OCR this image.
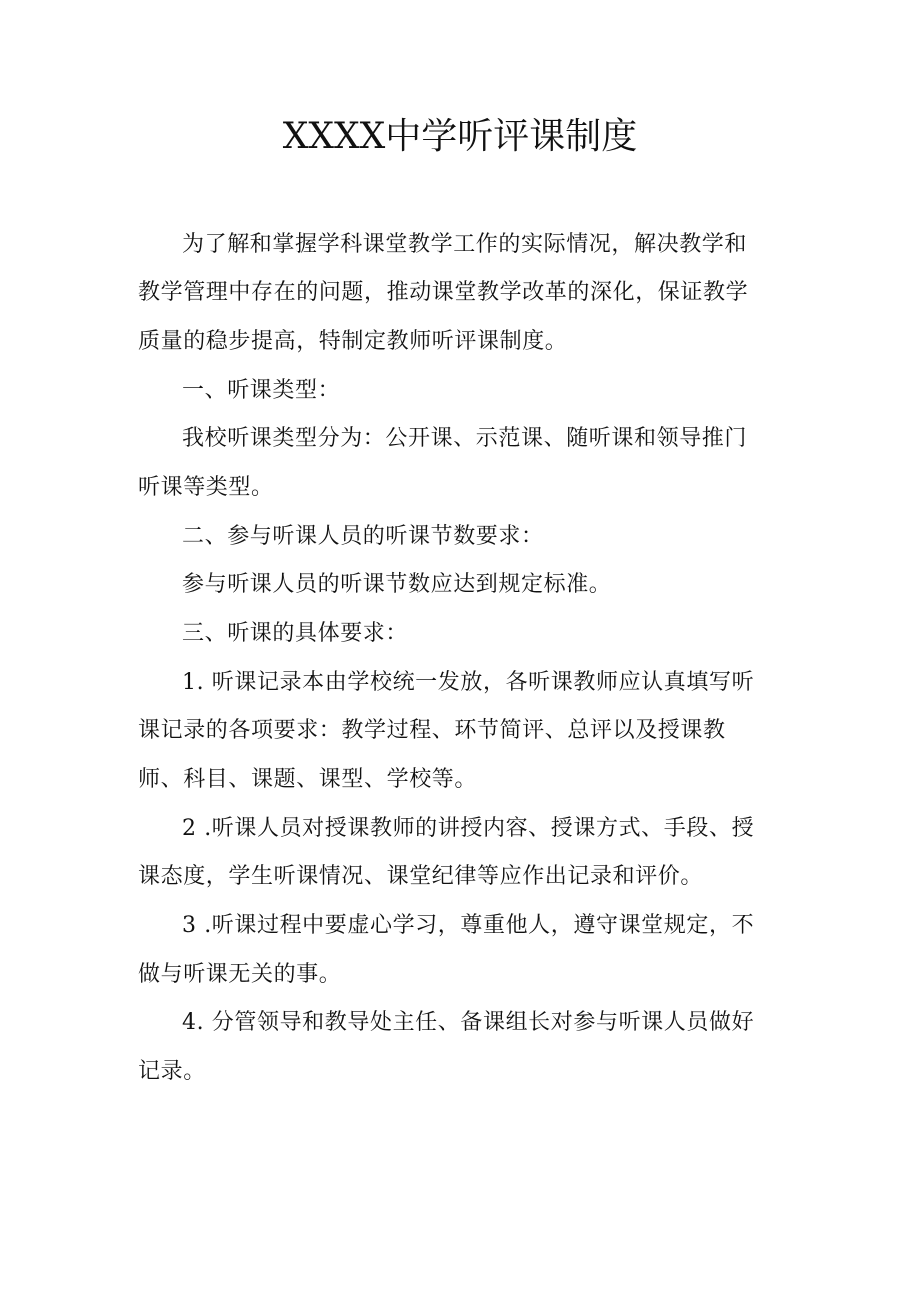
XXXX中学听评课制度
为了解和掌握学科课堂教学工作的实际情况，解决教学和
教学管理中存在的问题，推动课堂教学改革的深化，保证教学
质量的稳步提高，特制定教师听评课制度。
一、听课类型：
我校听课类型分为：公开课、示范课、随听课和领导推门
听课等类型。
二、参与听课人员的听课节数要求：
参与听课人员的听课节数应达到规定标准。
三、听课的具体要求：
1. 听课记录本由学校统一发放，各听课教师应认真填写听
课记录的各项要求：教学过程、环节简评、总评以及授课教
师、科目、课题、课型、学校等。
2 .听课人员对授课教师的讲授内容、授课方式、手段、授
课态度，学生听课情况、课堂纪律等应作出记录和评价。
3 .听课过程中要虚心学习，尊重他人，遵守课堂规定，不
做与听课无关的事。
4. 分管领导和教导处主任、备课组长对参与听课人员做好
记录。
